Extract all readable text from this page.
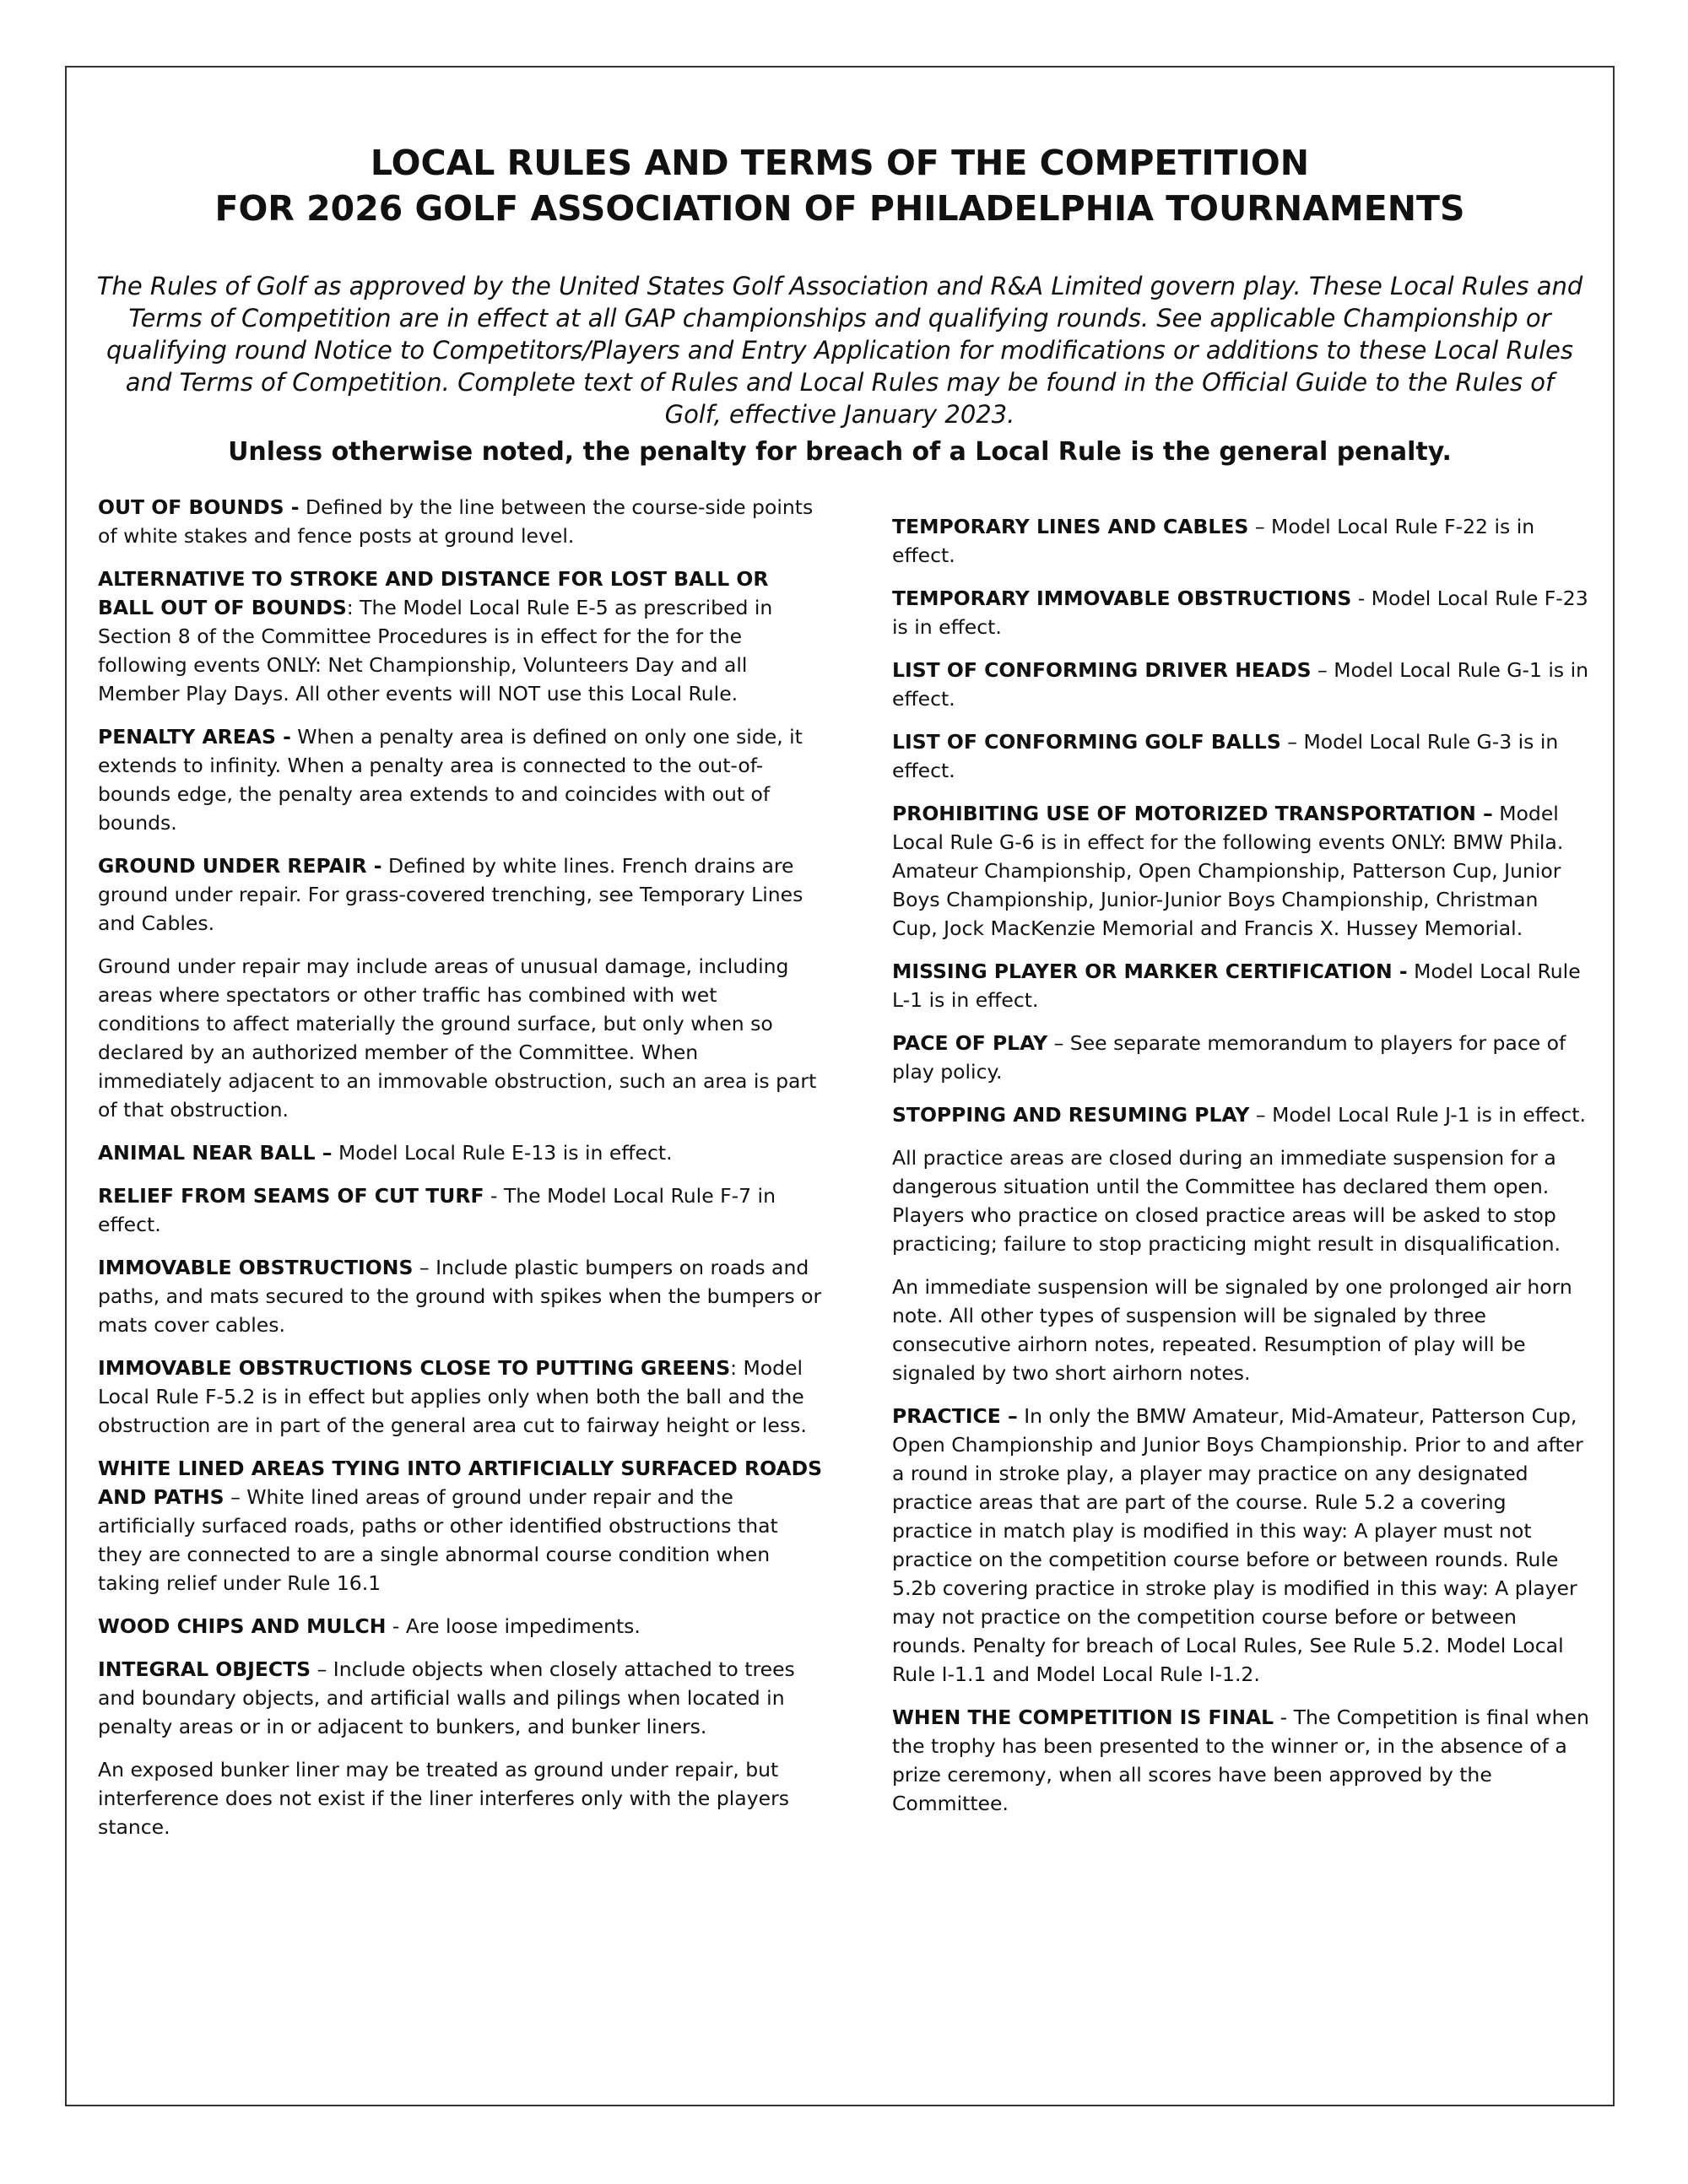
LOCAL RULES AND TERMS OF THE COMPETITION
FOR 2026 GOLF ASSOCIATION OF PHILADELPHIA TOURNAMENTS

The Rules of Golf as approved by the United States Golf Association and R&A Limited govern play. These Local Rules and Terms of Competition are in effect at all GAP championships and qualifying rounds. See applicable Championship or qualifying round Notice to Competitors/Players and Entry Application for modifications or additions to these Local Rules and Terms of Competition. Complete text of Rules and Local Rules may be found in the Official Guide to the Rules of Golf, effective January 2023.

Unless otherwise noted, the penalty for breach of a Local Rule is the general penalty.

OUT OF BOUNDS - Defined by the line between the course-side points of white stakes and fence posts at ground level.

ALTERNATIVE TO STROKE AND DISTANCE FOR LOST BALL OR BALL OUT OF BOUNDS: The Model Local Rule E-5 as prescribed in Section 8 of the Committee Procedures is in effect for the for the following events ONLY: Net Championship, Volunteers Day and all Member Play Days. All other events will NOT use this Local Rule.

PENALTY AREAS - When a penalty area is defined on only one side, it extends to infinity. When a penalty area is connected to the out-of-bounds edge, the penalty area extends to and coincides with out of bounds.

GROUND UNDER REPAIR - Defined by white lines. French drains are ground under repair. For grass-covered trenching, see Temporary Lines and Cables.

Ground under repair may include areas of unusual damage, including areas where spectators or other traffic has combined with wet conditions to affect materially the ground surface, but only when so declared by an authorized member of the Committee. When immediately adjacent to an immovable obstruction, such an area is part of that obstruction.

ANIMAL NEAR BALL – Model Local Rule E-13 is in effect.

RELIEF FROM SEAMS OF CUT TURF - The Model Local Rule F-7 in effect.

IMMOVABLE OBSTRUCTIONS – Include plastic bumpers on roads and paths, and mats secured to the ground with spikes when the bumpers or mats cover cables.

IMMOVABLE OBSTRUCTIONS CLOSE TO PUTTING GREENS: Model Local Rule F-5.2 is in effect but applies only when both the ball and the obstruction are in part of the general area cut to fairway height or less.

WHITE LINED AREAS TYING INTO ARTIFICIALLY SURFACED ROADS AND PATHS – White lined areas of ground under repair and the artificially surfaced roads, paths or other identified obstructions that they are connected to are a single abnormal course condition when taking relief under Rule 16.1

WOOD CHIPS AND MULCH - Are loose impediments.

INTEGRAL OBJECTS – Include objects when closely attached to trees and boundary objects, and artificial walls and pilings when located in penalty areas or in or adjacent to bunkers, and bunker liners.

An exposed bunker liner may be treated as ground under repair, but interference does not exist if the liner interferes only with the players stance.

TEMPORARY LINES AND CABLES – Model Local Rule F-22 is in effect.

TEMPORARY IMMOVABLE OBSTRUCTIONS - Model Local Rule F-23 is in effect.

LIST OF CONFORMING DRIVER HEADS – Model Local Rule G-1 is in effect.

LIST OF CONFORMING GOLF BALLS – Model Local Rule G-3 is in effect.

PROHIBITING USE OF MOTORIZED TRANSPORTATION – Model Local Rule G-6 is in effect for the following events ONLY: BMW Phila. Amateur Championship, Open Championship, Patterson Cup, Junior Boys Championship, Junior-Junior Boys Championship, Christman Cup, Jock MacKenzie Memorial and Francis X. Hussey Memorial.

MISSING PLAYER OR MARKER CERTIFICATION - Model Local Rule L-1 is in effect.

PACE OF PLAY – See separate memorandum to players for pace of play policy.

STOPPING AND RESUMING PLAY – Model Local Rule J-1 is in effect.

All practice areas are closed during an immediate suspension for a dangerous situation until the Committee has declared them open. Players who practice on closed practice areas will be asked to stop practicing; failure to stop practicing might result in disqualification.

An immediate suspension will be signaled by one prolonged air horn note. All other types of suspension will be signaled by three consecutive airhorn notes, repeated. Resumption of play will be signaled by two short airhorn notes.

PRACTICE – In only the BMW Amateur, Mid-Amateur, Patterson Cup, Open Championship and Junior Boys Championship. Prior to and after a round in stroke play, a player may practice on any designated practice areas that are part of the course. Rule 5.2 a covering practice in match play is modified in this way: A player must not practice on the competition course before or between rounds. Rule 5.2b covering practice in stroke play is modified in this way: A player may not practice on the competition course before or between rounds. Penalty for breach of Local Rules, See Rule 5.2. Model Local Rule I-1.1 and Model Local Rule I-1.2.

WHEN THE COMPETITION IS FINAL - The Competition is final when the trophy has been presented to the winner or, in the absence of a prize ceremony, when all scores have been approved by the Committee.
